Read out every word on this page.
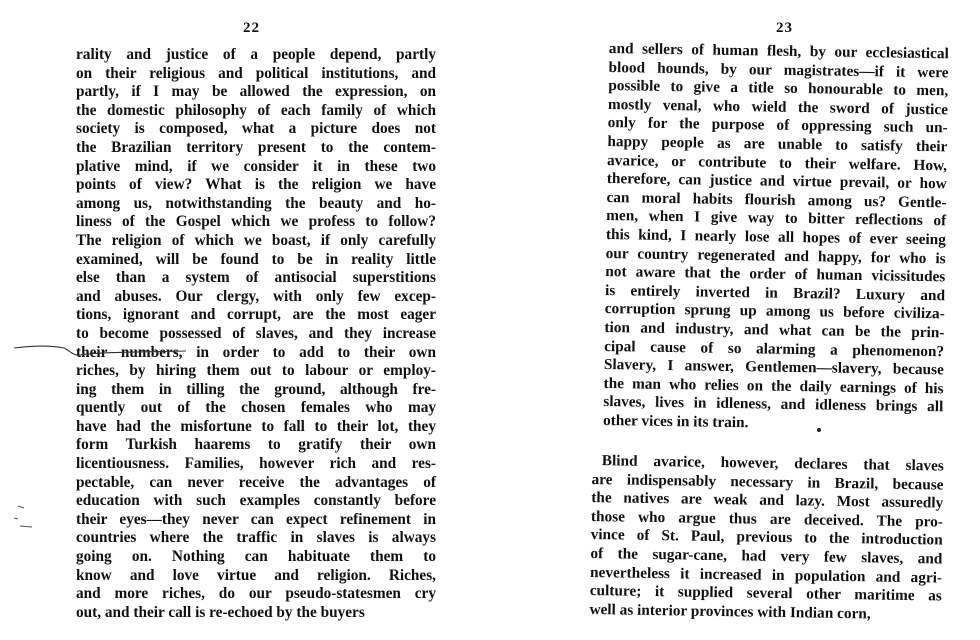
22
rality and justice of a people depend, partly
on their religious and political institutions, and
partly, if I may be allowed the expression, on
the domestic philosophy of each family of which
society is composed, what a picture does not
the Brazilian territory present to the contem-
plative mind, if we consider it in these two
points of view? What is the religion we have
among us, notwithstanding the beauty and ho-
liness of the Gospel which we profess to follow?
The religion of which we boast, if only carefully
examined, will be found to be in reality little
else than a system of antisocial superstitions
and abuses. Our clergy, with only few excep-
tions, ignorant and corrupt, are the most eager
to become possessed of slaves, and they increase
their numbers, in order to add to their own
riches, by hiring them out to labour or employ-
ing them in tilling the ground, although fre-
quently out of the chosen females who may
have had the misfortune to fall to their lot, they
form Turkish haarems to gratify their own
licentiousness. Families, however rich and res-
pectable, can never receive the advantages of
education with such examples constantly before
their eyes—they never can expect refinement in
countries where the traffic in slaves is always
going on. Nothing can habituate them to
know and love virtue and religion. Riches,
and more riches, do our pseudo-statesmen cry
out, and their call is re-echoed by the buyers
23
and sellers of human flesh, by our ecclesiastical
blood hounds, by our magistrates—if it were
possible to give a title so honourable to men,
mostly venal, who wield the sword of justice
only for the purpose of oppressing such un-
happy people as are unable to satisfy their
avarice, or contribute to their welfare. How,
therefore, can justice and virtue prevail, or how
can moral habits flourish among us? Gentle-
men, when I give way to bitter reflections of
this kind, I nearly lose all hopes of ever seeing
our country regenerated and happy, for who is
not aware that the order of human vicissitudes
is entirely inverted in Brazil? Luxury and
corruption sprung up among us before civiliza-
tion and industry, and what can be the prin-
cipal cause of so alarming a phenomenon?
Slavery, I answer, Gentlemen—slavery, because
the man who relies on the daily earnings of his
slaves, lives in idleness, and idleness brings all
other vices in its train.
Blind avarice, however, declares that slaves
are indispensably necessary in Brazil, because
the natives are weak and lazy. Most assuredly
those who argue thus are deceived. The pro-
vince of St. Paul, previous to the introduction
of the sugar-cane, had very few slaves, and
nevertheless it increased in population and agri-
culture; it supplied several other maritime as
well as interior provinces with Indian corn,
